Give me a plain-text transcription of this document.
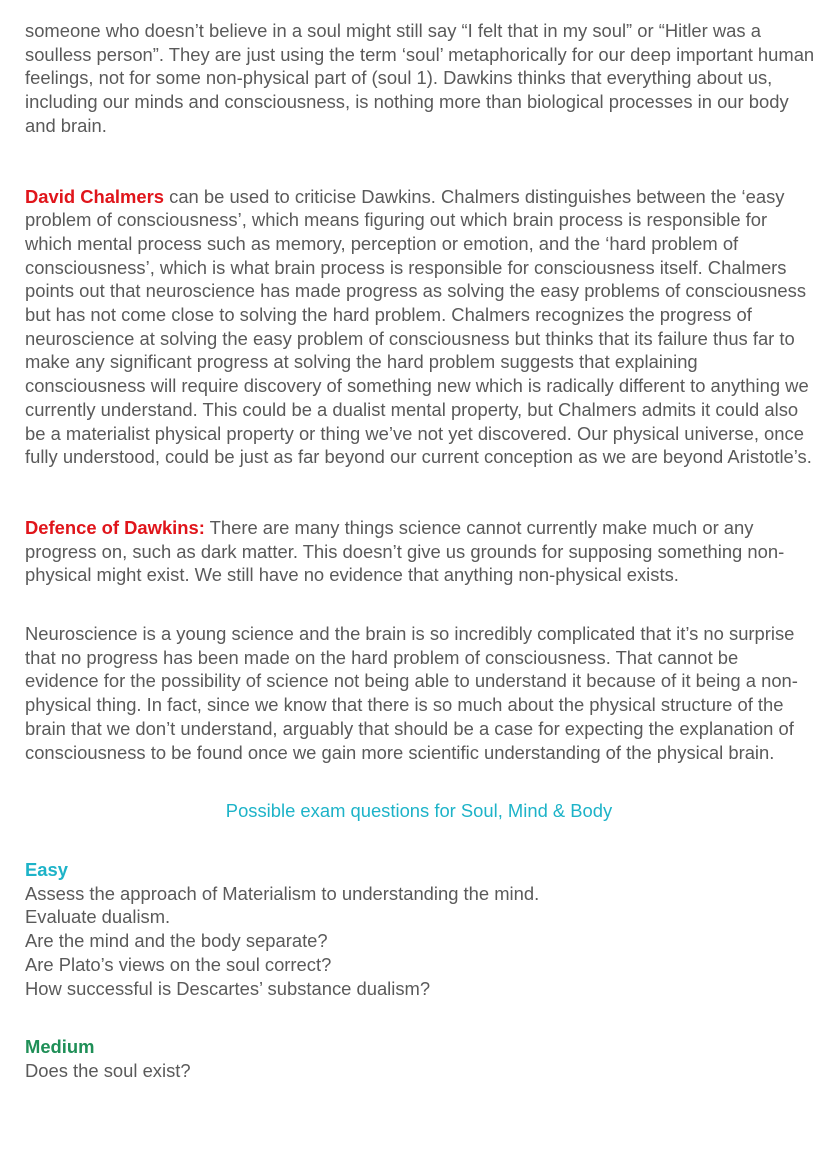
someone who doesn’t believe in a soul might still say “I felt that in my soul” or “Hitler was a soulless person”. They are just using the term ‘soul’ metaphorically for our deep important human feelings, not for some non-physical part of (soul 1). Dawkins thinks that everything about us, including our minds and consciousness, is nothing more than biological processes in our body and brain.

David Chalmers can be used to criticise Dawkins. Chalmers distinguishes between the ‘easy problem of consciousness’, which means figuring out which brain process is responsible for which mental process such as memory, perception or emotion, and the ‘hard problem of consciousness’, which is what brain process is responsible for consciousness itself. Chalmers points out that neuroscience has made progress as solving the easy problems of consciousness but has not come close to solving the hard problem. Chalmers recognizes the progress of neuroscience at solving the easy problem of consciousness but thinks that its failure thus far to make any significant progress at solving the hard problem suggests that explaining consciousness will require discovery of something new which is radically different to anything we currently understand. This could be a dualist mental property, but Chalmers admits it could also be a materialist physical property or thing we’ve not yet discovered. Our physical universe, once fully understood, could be just as far beyond our current conception as we are beyond Aristotle’s.

Defence of Dawkins: There are many things science cannot currently make much or any progress on, such as dark matter. This doesn’t give us grounds for supposing something non-physical might exist. We still have no evidence that anything non-physical exists.

Neuroscience is a young science and the brain is so incredibly complicated that it’s no surprise that no progress has been made on the hard problem of consciousness. That cannot be evidence for the possibility of science not being able to understand it because of it being a non-physical thing. In fact, since we know that there is so much about the physical structure of the brain that we don’t understand, arguably that should be a case for expecting the explanation of consciousness to be found once we gain more scientific understanding of the physical brain.

Possible exam questions for Soul, Mind & Body
Easy
Assess the approach of Materialism to understanding the mind.
Evaluate dualism.
Are the mind and the body separate?
Are Plato’s views on the soul correct?
How successful is Descartes’ substance dualism?
Medium
Does the soul exist?
